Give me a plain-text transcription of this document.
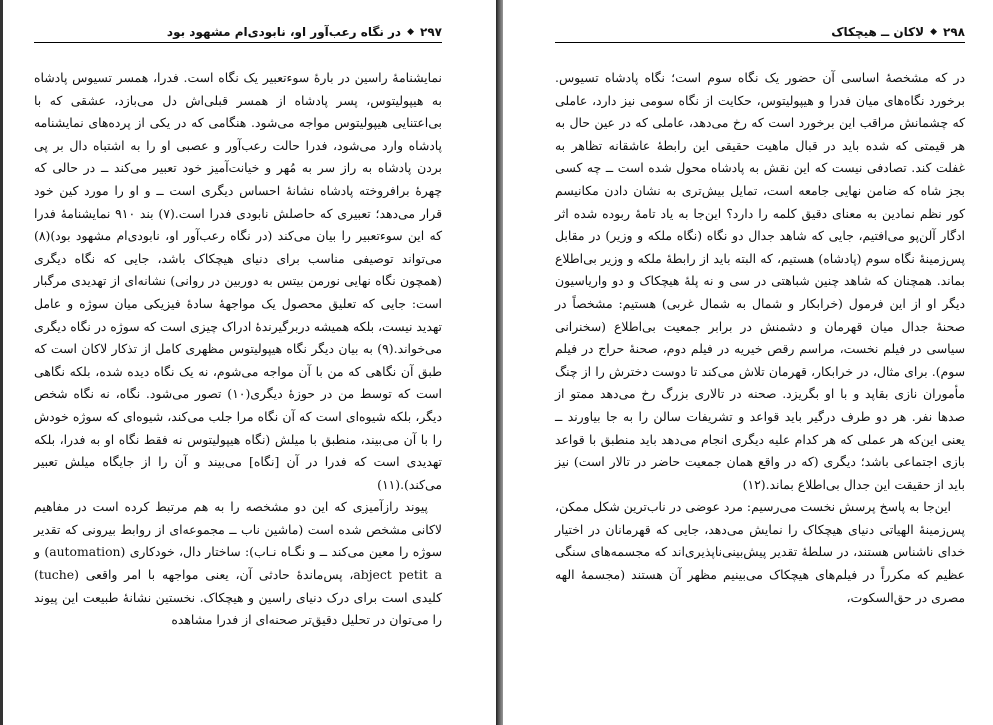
۲۹۷
◆
در نگاه رعب‌آور او، نابودی‌ام مشهود بود

نمایشنامهٔ راسین در بارهٔ سوءتعبیر یک نگاه است. فدرا، همسر تسیوس پادشاه به هیپولیتوس، پسر پادشاه از همسر قبلی‌اش دل می‌بازد، عشقی که با بی‌اعتنایی هیپولیتوس مواجه می‌شود. هنگامی که در یکی از پرده‌های نمایشنامه پادشاه وارد می‌شود، فدرا حالت رعب‌آور و عصبی او را به اشتباه دال بر پی بردن پادشاه به راز سر به مُهر و خیانت‌آمیز خود تعبیر می‌کند ــ در حالی که چهرهٔ برافروخته پادشاه نشانهٔ احساس دیگری است ــ و او را مورد کین خود قرار می‌دهد؛ تعبیری که حاصلش نابودی فدرا است.(۷) بند ۹۱۰ نمایشنامهٔ فدرا که این سوءتعبیر را بیان می‌کند (در نگاه رعب‌آور او، نابودی‌ام مشهود بود)(۸) می‌تواند توصیفی مناسب برای دنیای هیچکاک باشد، جایی که نگاه دیگری (همچون نگاه نهایی نورمن بیتس به دوربین در روانی) نشانه‌ای از تهدیدی مرگبار است: جایی که تعلیق محصول یک مواجههٔ سادهٔ فیزیکی میان سوژه و عامل تهدید نیست، بلکه همیشه دربرگیرندهٔ ادراک چیزی است که سوژه در نگاه دیگری می‌خواند.(۹) به بیان دیگر نگاه هیپولیتوس مظهری کامل از تذکار لاکان است که طبق آن نگاهی که من با آن مواجه می‌شوم، نه یک نگاه دیده شده، بلکه نگاهی است که توسط من در حوزهٔ دیگری(۱۰) تصور می‌شود. نگاه، نه نگاه شخص دیگر، بلکه شیوه‌ای است که آن نگاه مرا جلب می‌کند، شیوه‌ای که سوژه خودش را با آن می‌بیند، منطبق با میلش (نگاه هیپولیتوس نه فقط نگاه او به فدرا، بلکه تهدیدی است که فدرا در آن [نگاه] می‌بیند و آن را از جایگاه میلش تعبیر می‌کند).(۱۱)

پیوند رازآمیزی که این دو مشخصه را به هم مرتبط کرده است در مفاهیم لاکانی مشخص شده است (ماشین ناب ــ مجموعه‌ای از روابط بیرونی که تقدیر سوژه را معین می‌کند ــ و نگـاه نـاب): ساختار دال، خودکاری (automation) و abject petit a، پس‌ماندهٔ حادثی آن، یعنی مواجهه با امر واقعی (tuche) کلیدی است برای درک دنیای راسین و هیچکاک. نخستین نشانهٔ طبیعت این پیوند را می‌توان در تحلیل دقیق‌تر صحنه‌ای از فدرا مشاهده

۲۹۸
◆
لاکان ــ هیچکاک

در که مشخصهٔ اساسی آن حضور یک نگاه سوم است؛ نگاه پادشاه تسیوس. برخورد نگاه‌های میان فدرا و هیپولیتوس، حکایت از نگاه سومی نیز دارد، عاملی که چشمانش مراقب این برخورد است که رخ می‌دهد، عاملی که در عین حال به هر قیمتی که شده باید در قبال ماهیت حقیقی این رابطهٔ عاشقانه تظاهر به غفلت کند. تصادفی نیست که این نقش به پادشاه محول شده است ــ چه کسی بجز شاه که ضامن نهایی جامعه است، تمایل بیش‌تری به نشان دادن مکانیسم کور نظم نمادین به معنای دقیق کلمه را دارد؟ این‌جا به یاد تامهٔ ربوده شده اثر ادگار آلن‌پو می‌افتیم، جایی که شاهد جدال دو نگاه (نگاه ملکه و وزیر) در مقابل پس‌زمینهٔ نگاه سوم (پادشاه) هستیم، که البته باید از رابطهٔ ملکه و وزیر بی‌اطلاع بماند. همچنان که شاهد چنین شباهتی در سی و نه پلهٔ هیچکاک و دو واریاسیون دیگر او از این فرمول (خرابکار و شمال به شمال غربی) هستیم: مشخصاً در صحنهٔ جدال میان قهرمان و دشمنش در برابر جمعیت بی‌اطلاع (سخنرانی سیاسی در فیلم نخست، مراسم رقص خیریه در فیلم دوم، صحنهٔ حراج در فیلم سوم). برای مثال، در خرابکار، قهرمان تلاش می‌کند تا دوست دخترش را از چنگ مأموران نازی بقاپد و با او بگریزد. صحنه در تالاری بزرگ رخ می‌دهد ممتو از صدها نفر. هر دو طرف درگیر باید قواعد و تشریفات سالن را به جا بیاورند ــ یعنی این‌که هر عملی که هر کدام علیه دیگری انجام می‌دهد باید منطبق با قواعد بازی اجتماعی باشد؛ دیگری (که در واقع همان جمعیت حاضر در تالار است) نیز باید از حقیقت این جدال بی‌اطلاع بماند.(۱۲)

این‌جا به پاسخ پرسش نخست می‌رسیم: مرد عوضی در ناب‌ترین شکل ممکن، پس‌زمینهٔ الهیاتی دنیای هیچکاک را نمایش می‌دهد، جایی که قهرمانان در اختیار خدای ناشناس هستند، در سلطهٔ تقدیر پیش‌بینی‌ناپذیری‌اند که مجسمه‌های سنگی عظیم که مکرراً در فیلم‌های هیچکاک می‌بینیم مظهر آن هستند (مجسمهٔ الهه مصری در حق‌السکوت،
